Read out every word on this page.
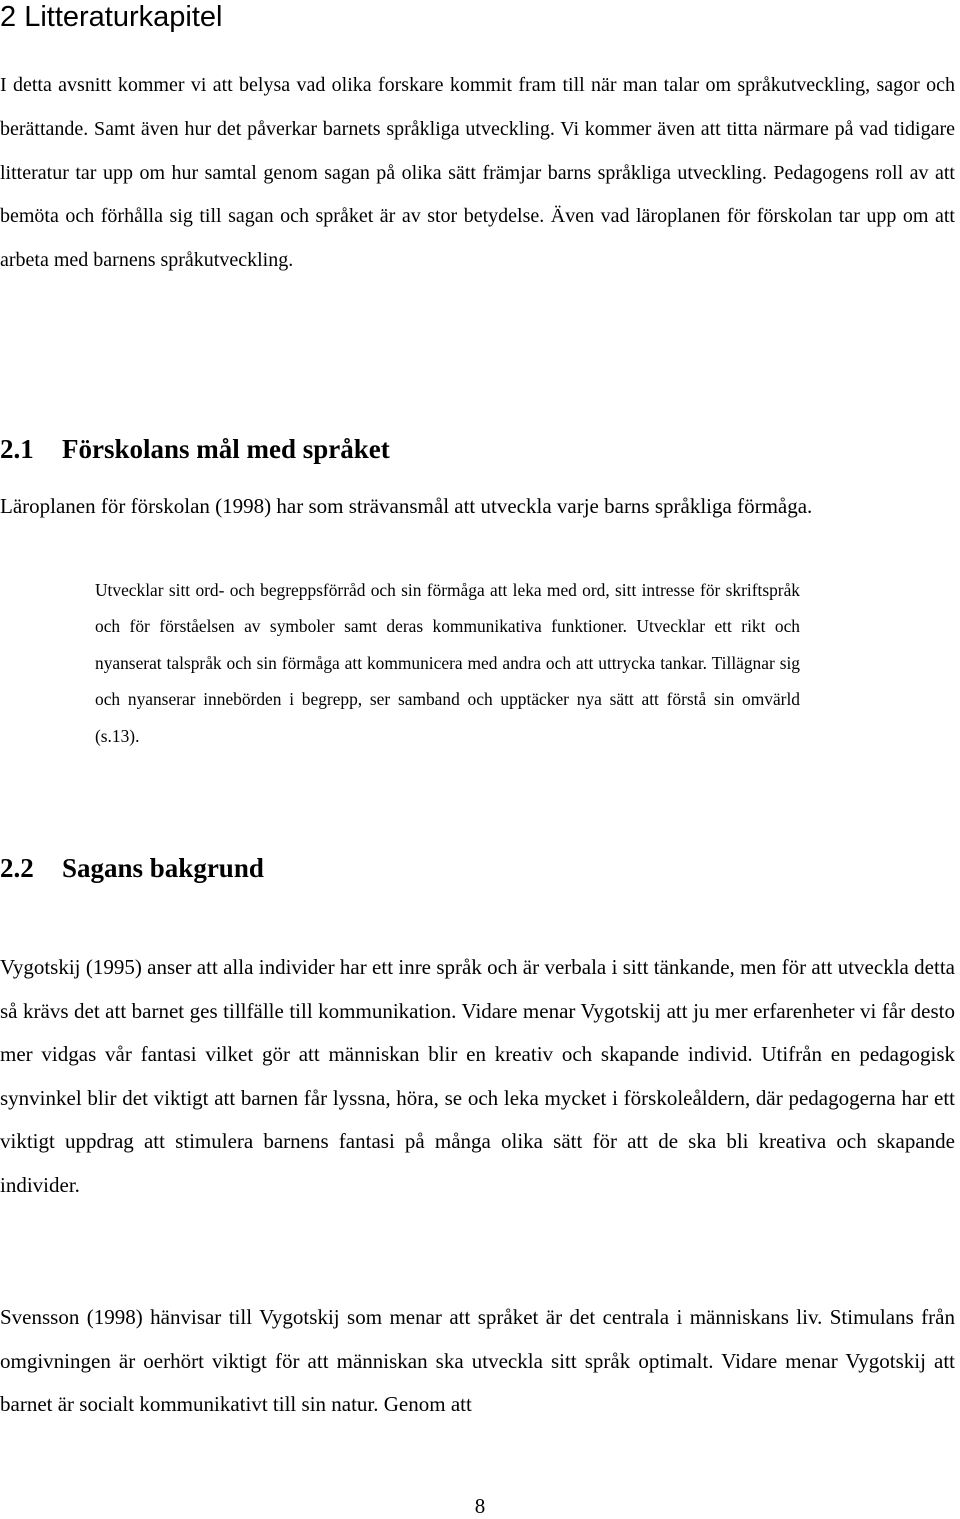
2 Litteraturkapitel

I detta avsnitt kommer vi att belysa vad olika forskare kommit fram till när man talar om språkutveckling, sagor och berättande. Samt även hur det påverkar barnets språkliga utveckling. Vi kommer även att titta närmare på vad tidigare litteratur tar upp om hur samtal genom sagan på olika sätt främjar barns språkliga utveckling. Pedagogens roll av att bemöta och förhålla sig till sagan och språket är av stor betydelse. Även vad läroplanen för förskolan tar upp om att arbeta med barnens språkutveckling.

2.1 Förskolans mål med språket

Läroplanen för förskolan (1998) har som strävansmål att utveckla varje barns språkliga förmåga.

Utvecklar sitt ord- och begreppsförråd och sin förmåga att leka med ord, sitt intresse för skriftspråk och för förståelsen av symboler samt deras kommunikativa funktioner. Utvecklar ett rikt och nyanserat talspråk och sin förmåga att kommunicera med andra och att uttrycka tankar. Tillägnar sig och nyanserar innebörden i begrepp, ser samband och upptäcker nya sätt att förstå sin omvärld (s.13).

2.2 Sagans bakgrund

Vygotskij (1995) anser att alla individer har ett inre språk och är verbala i sitt tänkande, men för att utveckla detta så krävs det att barnet ges tillfälle till kommunikation. Vidare menar Vygotskij att ju mer erfarenheter vi får desto mer vidgas vår fantasi vilket gör att människan blir en kreativ och skapande individ. Utifrån en pedagogisk synvinkel blir det viktigt att barnen får lyssna, höra, se och leka mycket i förskoleåldern, där pedagogerna har ett viktigt uppdrag att stimulera barnens fantasi på många olika sätt för att de ska bli kreativa och skapande individer.

Svensson (1998) hänvisar till Vygotskij som menar att språket är det centrala i människans liv. Stimulans från omgivningen är oerhört viktigt för att människan ska utveckla sitt språk optimalt. Vidare menar Vygotskij att barnet är socialt kommunikativt till sin natur. Genom att

8
